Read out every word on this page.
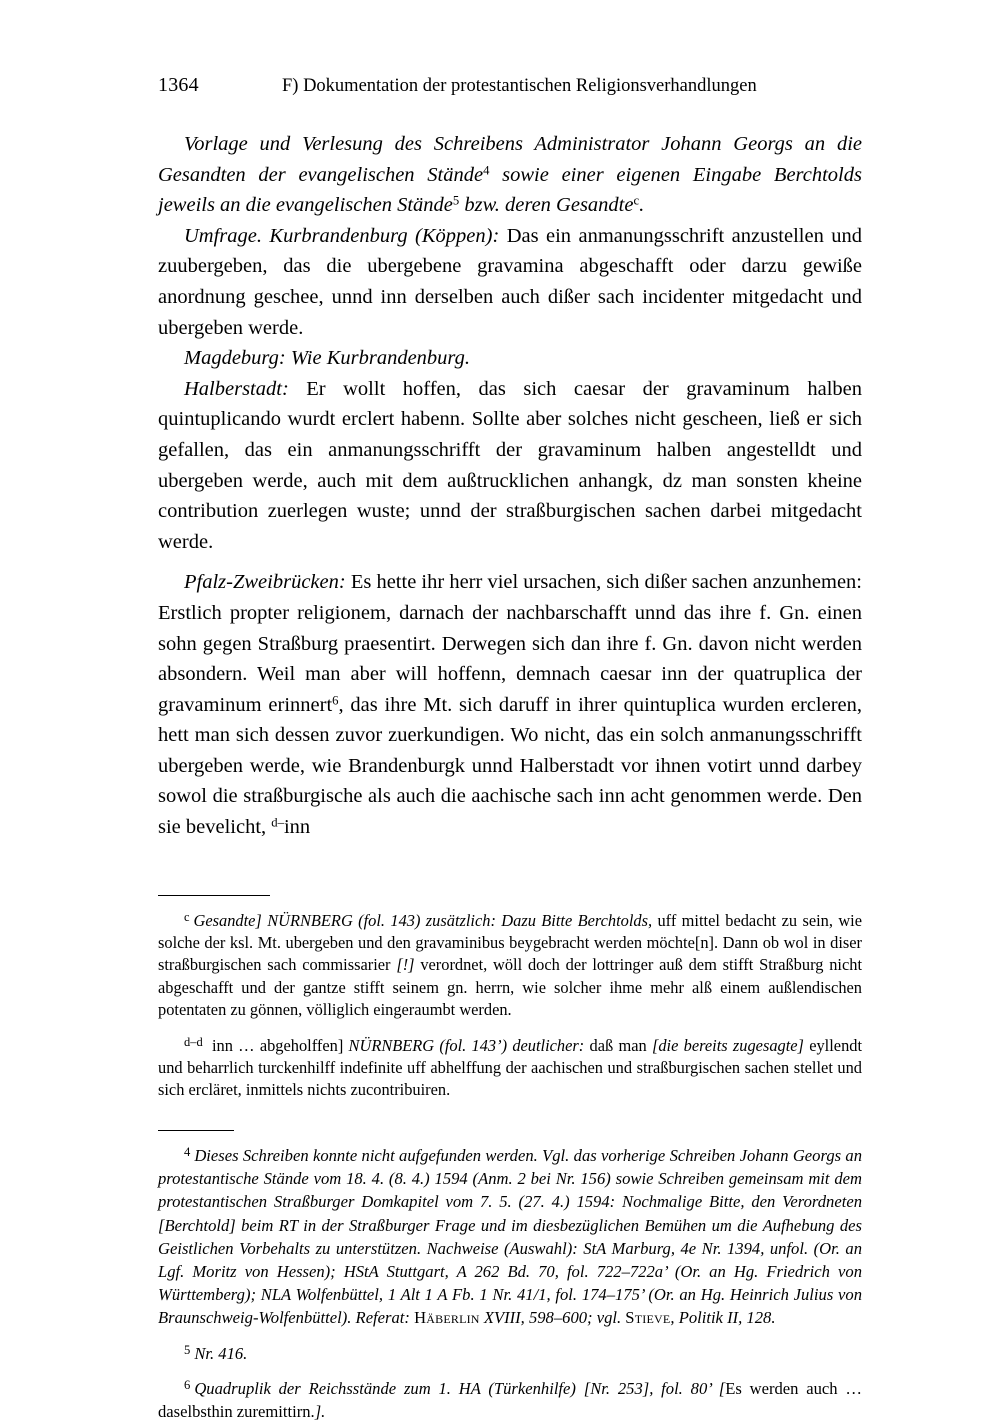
1364	F) Dokumentation der protestantischen Religionsverhandlungen

Vorlage und Verlesung des Schreibens Administrator Johann Georgs an die Gesandten der evangelischen Stände$^4$ sowie einer eigenen Eingabe Berchtolds jeweils an die evangelischen Stände$^5$ bzw. deren Gesandte$^c$.

Umfrage. Kurbrandenburg (Köppen): Das ein anmanungsschrift anzustellen und zuubergeben, das die ubergebene gravamina abgeschafft oder darzu gewiße anordnung geschee, unnd inn derselben auch dißer sach incidenter mitgedacht und ubergeben werde.

Magdeburg: Wie Kurbrandenburg.

Halberstadt: Er wollt hoffen, das sich caesar der gravaminum halben quintuplicando wurdt erclert habenn. Sollte aber solches nicht gescheen, ließ er sich gefallen, das ein anmanungsschrifft der gravaminum halben angestelldt und ubergeben werde, auch mit dem außtrucklichen anhangk, dz man sonsten kheine contribution zuerlegen wuste; unnd der straßburgischen sachen darbei mitgedacht werde.

Pfalz-Zweibrücken: Es hette ihr herr viel ursachen, sich dißer sachen anzunhemen: Erstlich propter religionem, darnach der nachbarschafft unnd das ihre f. Gn. einen sohn gegen Straßburg praesentirt. Derwegen sich dan ihre f. Gn. davon nicht werden absondern. Weil man aber will hoffenn, demnach caesar inn der quatruplica der gravaminum erinnert$^6$, das ihre Mt. sich daruff in ihrer quintuplica wurden ercleren, hett man sich dessen zuvor zuerkundigen. Wo nicht, das ein solch anmanungsschrifft ubergeben werde, wie Brandenburgk unnd Halberstadt vor ihnen votirt unnd darbey sowol die straßburgische als auch die aachische sach inn acht genommen werde. Den sie bevelicht, $^{d-}$inn

$^c$ Gesandte] NÜRNBERG (fol. 143) zusätzlich: Dazu Bitte Berchtolds, uff mittel bedacht zu sein, wie solche der ksl. Mt. ubergeben und den gravaminibus beygebracht werden möchte[n]. Dann ob wol in diser straßburgischen sach commissarier [!] verordnet, wöll doch der lottringer auß dem stifft Straßburg nicht abgeschafft und der gantze stifft seinem gn. herrn, wie solcher ihme mehr alß einem außlendischen potentaten zu gönnen, völliglich eingeraumbt werden.

$^{d-d}$ inn … abgeholffen] NÜRNBERG (fol. 143’) deutlicher: daß man [die bereits zugesagte] eyllendt und beharrlich turckenhilff indefinite uff abhelffung der aachischen und straßburgischen sachen stellet und sich ercläret, inmittels nichts zucontribuiren.

$^4$ Dieses Schreiben konnte nicht aufgefunden werden. Vgl. das vorherige Schreiben Johann Georgs an protestantische Stände vom 18. 4. (8. 4.) 1594 (Anm. 2 bei Nr. 156) sowie Schreiben gemeinsam mit dem protestantischen Straßburger Domkapitel vom 7. 5. (27. 4.) 1594: Nochmalige Bitte, den Verordneten [Berchtold] beim RT in der Straßburger Frage und im diesbezüglichen Bemühen um die Aufhebung des Geistlichen Vorbehalts zu unterstützen. Nachweise (Auswahl): StA Marburg, 4e Nr. 1394, unfol. (Or. an Lgf. Moritz von Hessen); HStA Stuttgart, A 262 Bd. 70, fol. 722–722a’ (Or. an Hg. Friedrich von Württemberg); NLA Wolfenbüttel, 1 Alt 1 A Fb. 1 Nr. 41/1, fol. 174–175’ (Or. an Hg. Heinrich Julius von Braunschweig-Wolfenbüttel). Referat: Häberlin XVIII, 598–600; vgl. Stieve, Politik II, 128.

$^5$ Nr. 416.

$^6$ Quadruplik der Reichsstände zum 1. HA (Türkenhilfe) [Nr. 253], fol. 80’ [Es werden auch … daselbsthin zuremittirn.].
